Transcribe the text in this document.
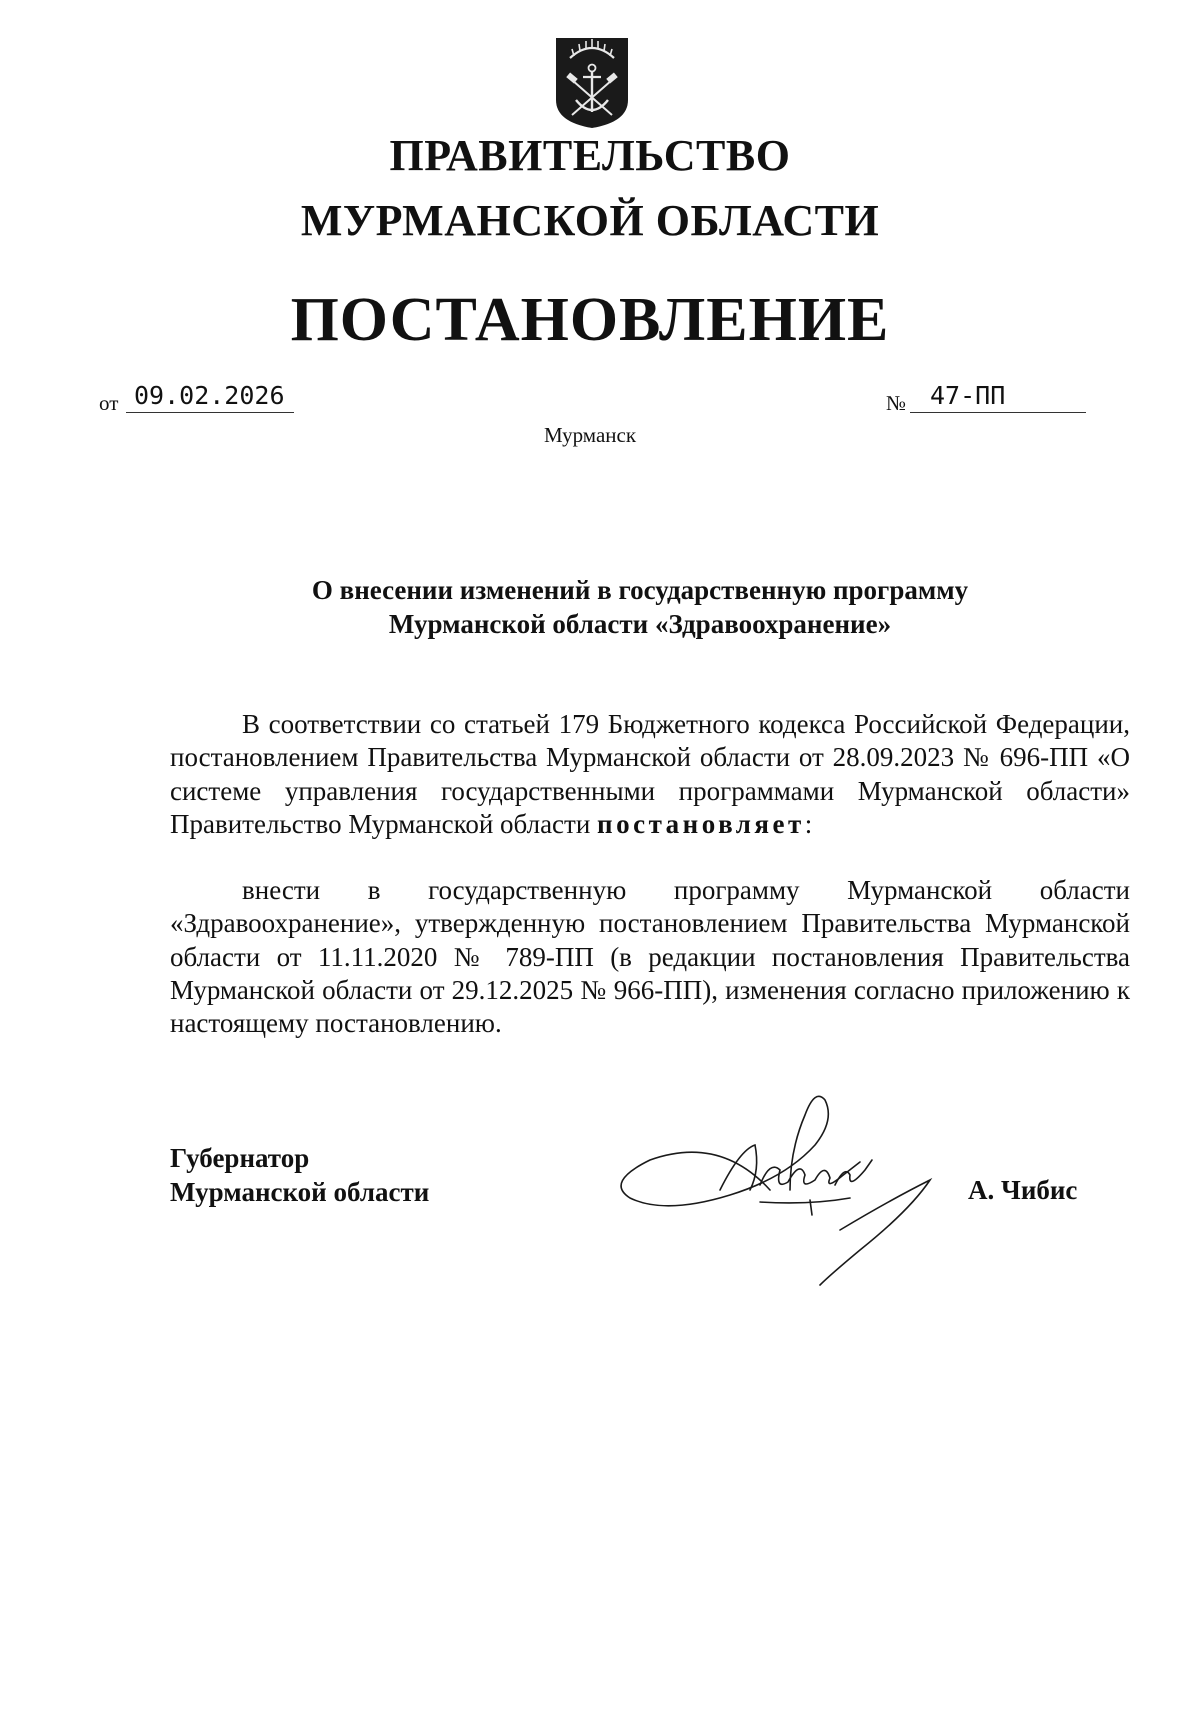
ПРАВИТЕЛЬСТВО
МУРМАНСКОЙ ОБЛАСТИ
ПОСТАНОВЛЕНИЕ
от 09.02.2026	№ 47-ПП
Мурманск
О внесении изменений в государственную программу
Мурманской области «Здравоохранение»
В соответствии со статьей 179 Бюджетного кодекса Российской Федерации, постановлением Правительства Мурманской области от 28.09.2023 № 696-ПП «О системе управления государственными программами Мурманской области» Правительство Мурманской области постановляет:
внести в государственную программу Мурманской области «Здравоохранение», утвержденную постановлением Правительства Мурманской области от 11.11.2020 № 789-ПП (в редакции постановления Правительства Мурманской области от 29.12.2025 № 966-ПП), изменения согласно приложению к настоящему постановлению.
Губернатор
Мурманской области	А. Чибис
